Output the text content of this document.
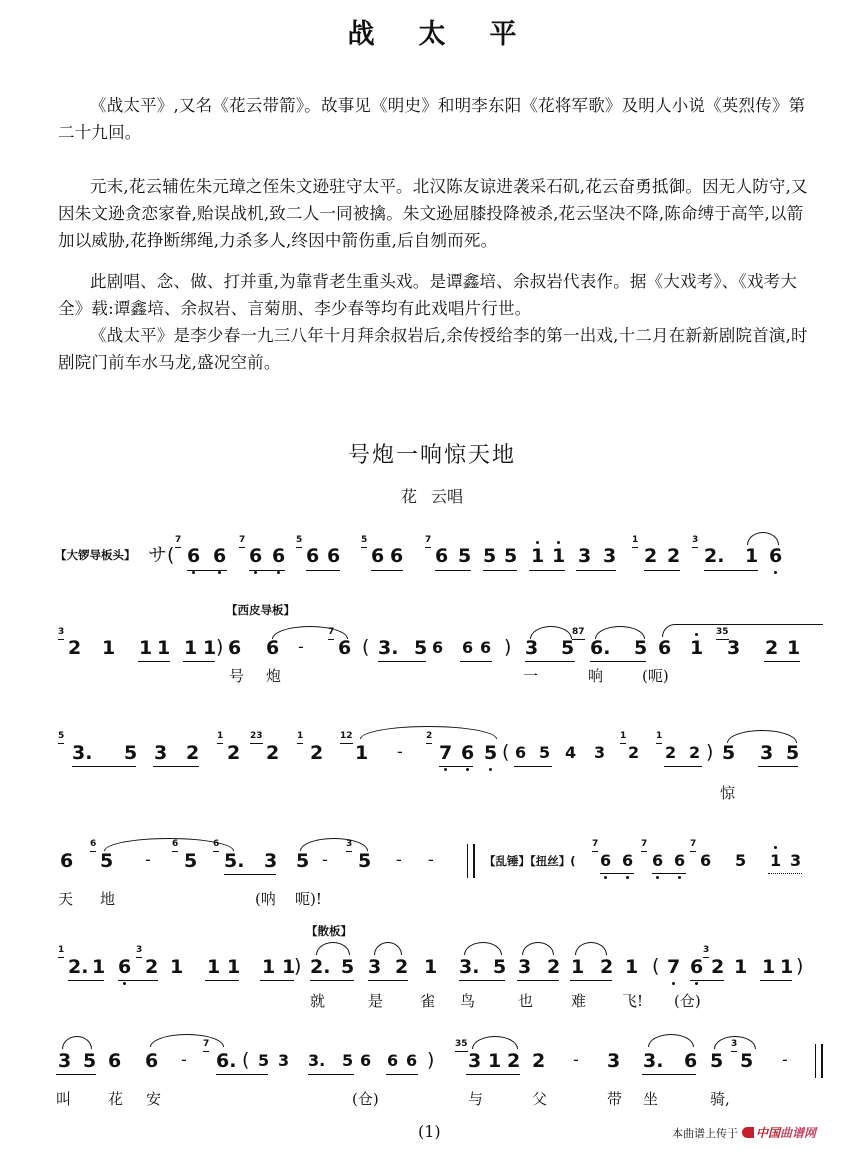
战太平

《战太平》,又名《花云带箭》。故事见《明史》和明李东阳《花将军歌》及明人小说《英烈传》第二十九回。

元末,花云辅佐朱元璋之侄朱文逊驻守太平。北汉陈友谅进袭采石矶,花云奋勇抵御。因无人防守,又因朱文逊贪恋家眷,贻误战机,致二人一同被擒。朱文逊屈膝投降被杀,花云坚决不降,陈命缚于高竿,以箭加以威胁,花挣断绑绳,力杀多人,终因中箭伤重,后自刎而死。

此剧唱、念、做、打并重,为靠背老生重头戏。是谭鑫培、余叔岩代表作。据《大戏考》、《戏考大全》载:谭鑫培、余叔岩、言菊朋、李少春等均有此戏唱片行世。

《战太平》是李少春一九三八年十月拜余叔岩后,余传授给李的第一出戏,十二月在新新剧院首演,时剧院门前车水马龙,盛况空前。

号炮一响惊天地
花云唱
【大锣导板头】 サ(
7
6 6
7
6 6
5
6 6
5
6 6
7
6 5 5 5 1 1 3 3
1
2 2
3
2. 1 6
【西皮导板】
3
2 1 1 1 1 1 ) 6 6 -
7
6 ( 3. 5 6 6 6 ) 3 5
87
6. 5 6 1
35
3 2 1
号 炮	一	响	(呃)
5
3. 5 3 2
1
2
23
2
1
2
12
1 -
2
7 6 5 ( 6 5 4 3
1
2
1
2 2 ) 5 3 5
惊
6
6
5 -
6
5
6
5. 3 5 -
3
5 - -	【乱锤】【扭丝】(
7
6 6
7
6 6
7
6 5 1 3
天 地	(呐 呃)!
【散板】
1
2. 1 6
3
2 1 1 1 1 1
) 2. 5 3 2 1 3. 5 3 2 1 2 1 ( 7 6
3
2 1 1 1 )
就	是 雀 鸟	也	难 飞! (仓)
3 5 6 6 -
7
6. ( 5 3 3. 5 6 6 6 )
35
3 1 2 2 - 3 3. 6 5
3
5 -
叫 花 安	(仓)	与	父	带 坐	骑,
(1)	本曲谱上传于 中国曲谱网
